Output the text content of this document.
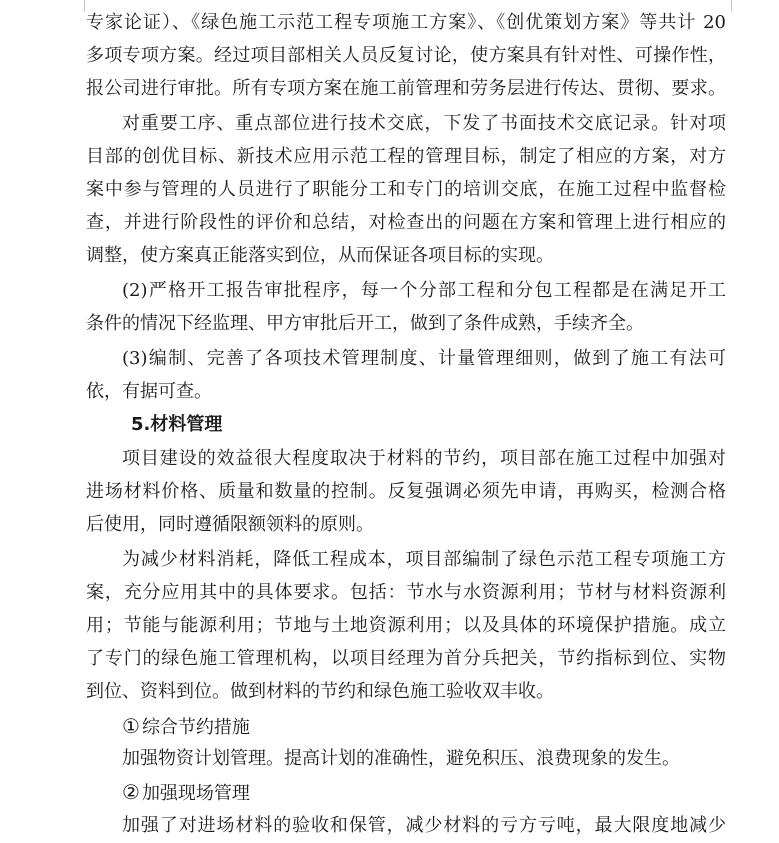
专家论证）、《绿色施工示范工程专项施工方案》、《创优策划方案》等共计 20
多项专项方案。经过项目部相关人员反复讨论，使方案具有针对性、可操作性，
报公司进行审批。所有专项方案在施工前管理和劳务层进行传达、贯彻、要求。
对重要工序、重点部位进行技术交底，下发了书面技术交底记录。针对项
目部的创优目标、新技术应用示范工程的管理目标，制定了相应的方案，对方
案中参与管理的人员进行了职能分工和专门的培训交底，在施工过程中监督检
查，并进行阶段性的评价和总结，对检查出的问题在方案和管理上进行相应的
调整，使方案真正能落实到位，从而保证各项目标的实现。
(2)严格开工报告审批程序，每一个分部工程和分包工程都是在满足开工
条件的情况下经监理、甲方审批后开工，做到了条件成熟，手续齐全。
(3)编制、完善了各项技术管理制度、计量管理细则，做到了施工有法可
依，有据可查。
5.材料管理
项目建设的效益很大程度取决于材料的节约，项目部在施工过程中加强对
进场材料价格、质量和数量的控制。反复强调必须先申请，再购买，检测合格
后使用，同时遵循限额领料的原则。
为减少材料消耗，降低工程成本，项目部编制了绿色示范工程专项施工方
案，充分应用其中的具体要求。包括：节水与水资源利用；节材与材料资源利
用；节能与能源利用；节地与土地资源利用；以及具体的环境保护措施。成立
了专门的绿色施工管理机构，以项目经理为首分兵把关，节约指标到位、实物
到位、资料到位。做到材料的节约和绿色施工验收双丰收。
① 综合节约措施
加强物资计划管理。提高计划的准确性，避免积压、浪费现象的发生。
② 加强现场管理
加强了对进场材料的验收和保管，减少材料的亏方亏吨，最大限度地减少
